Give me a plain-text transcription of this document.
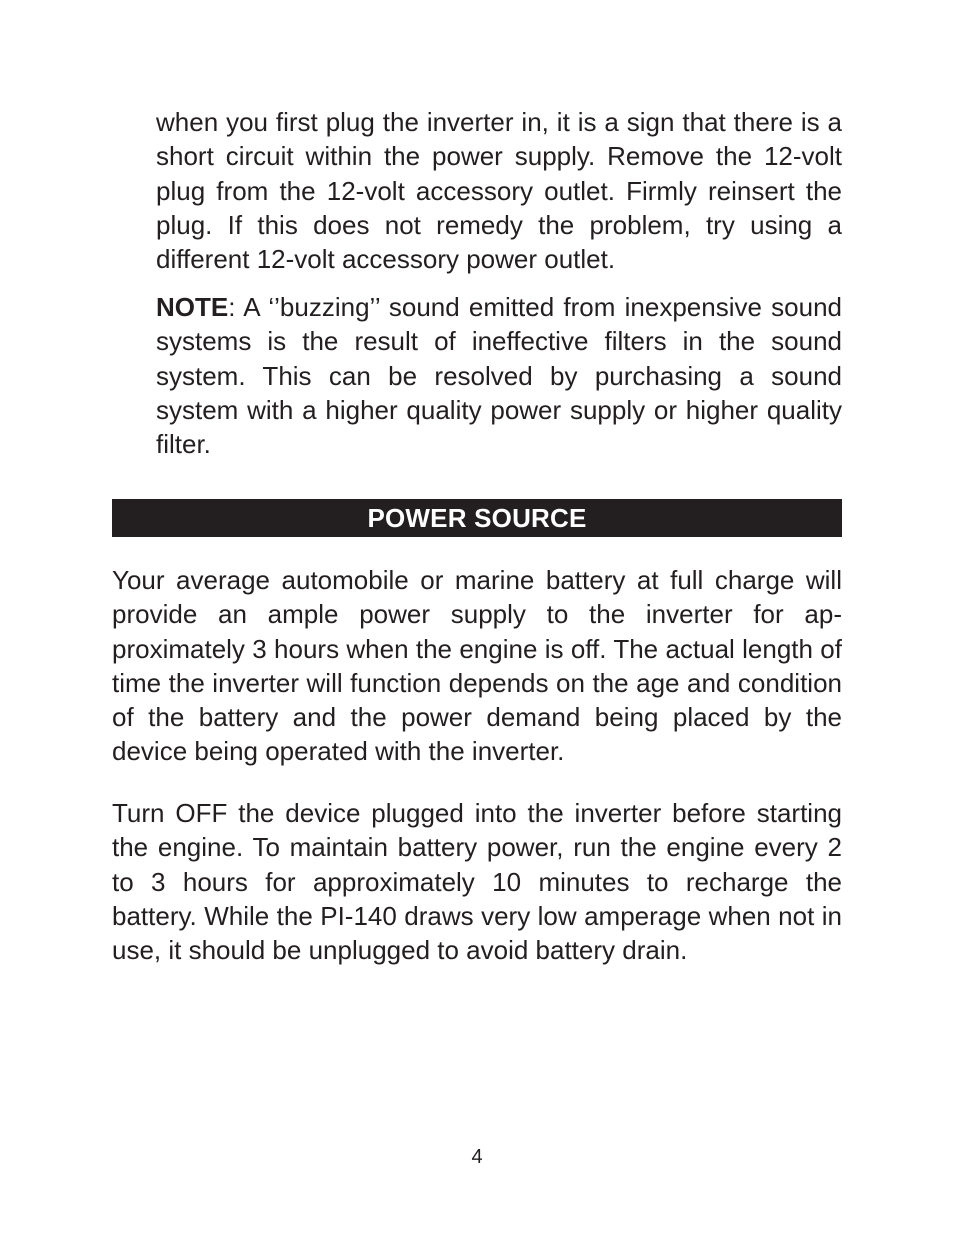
when you first plug the inverter in, it is a sign that there is a short circuit within the power supply. Remove the 12-volt plug from the 12-volt accessory outlet. Firmly reinsert the plug. If this does not remedy the problem, try using a different 12-volt accessory power outlet.

NOTE: A ‘’buzzing’’ sound emitted from inexpensive sound systems is the result of ineffective filters in the sound system. This can be resolved by purchasing a sound system with a higher quality power supply or higher quality filter.

POWER SOURCE

Your average automobile or marine battery at full charge will provide an ample power supply to the inverter for approximately 3 hours when the engine is off. The actual length of time the inverter will function depends on the age and condition of the battery and the power demand being placed by the device being operated with the inverter.

Turn OFF the device plugged into the inverter before starting the engine. To maintain battery power, run the engine every 2 to 3 hours for approximately 10 minutes to recharge the battery. While the PI-140 draws very low amperage when not in use, it should be unplugged to avoid battery drain.

4
